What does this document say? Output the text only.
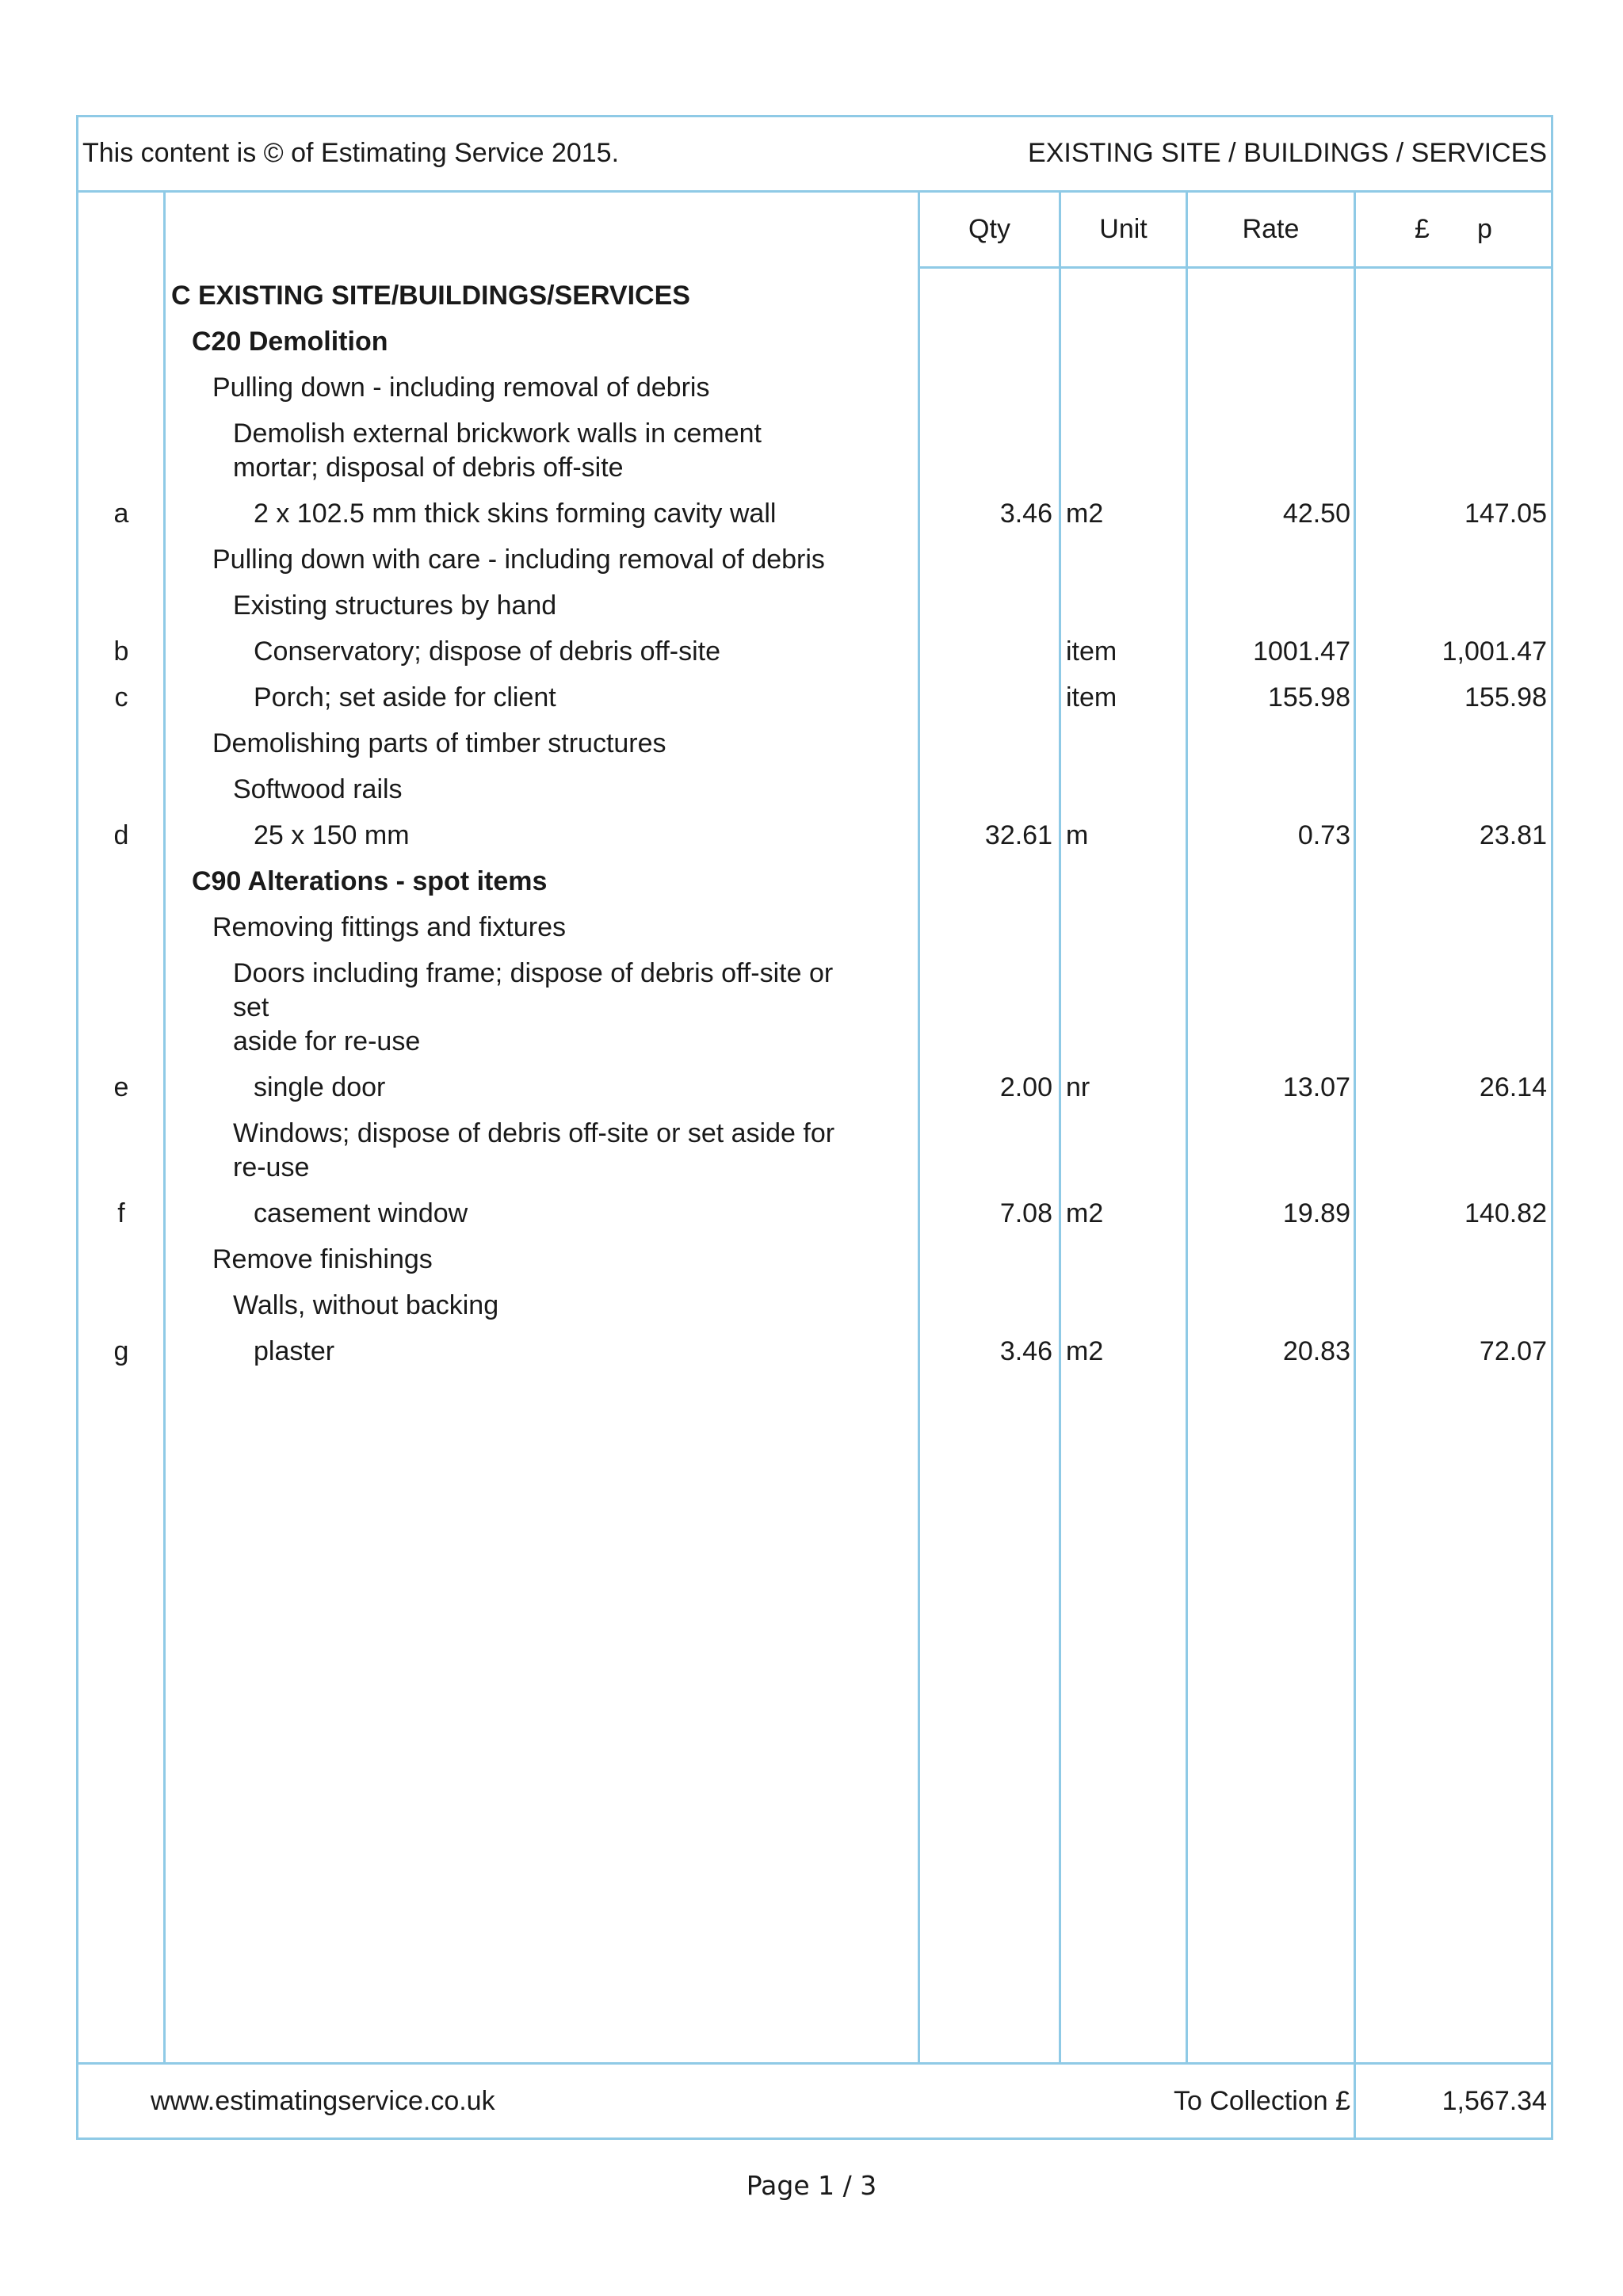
This content is © of Estimating Service 2015.	EXISTING SITE / BUILDINGS / SERVICES
Qty	Unit	Rate	£ p
C EXISTING SITE/BUILDINGS/SERVICES
C20 Demolition
Pulling down - including removal of debris
Demolish external brickwork walls in cement
mortar; disposal of debris off-site
2 x 102.5 mm thick skins forming cavity wall
a	3.46 m2	42.50	147.05
Pulling down with care - including removal of debris
Existing structures by hand
Conservatory; dispose of debris off-site
b	item	1001.47	1,001.47
Porch; set aside for client
c	item	155.98	155.98
Demolishing parts of timber structures
Softwood rails
25 x 150 mm
d	32.61 m	0.73	23.81
C90 Alterations - spot items
Removing fittings and fixtures
Doors including frame; dispose of debris off-site or
set
aside for re-use
single door
e	2.00 nr	13.07	26.14
Windows; dispose of debris off-site or set aside for
re-use
casement window
f	7.08 m2	19.89	140.82
Remove finishings
Walls, without backing
plaster
g	3.46 m2	20.83	72.07
www.estimatingservice.co.uk	To Collection £	1,567.34
Page 1 / 3
